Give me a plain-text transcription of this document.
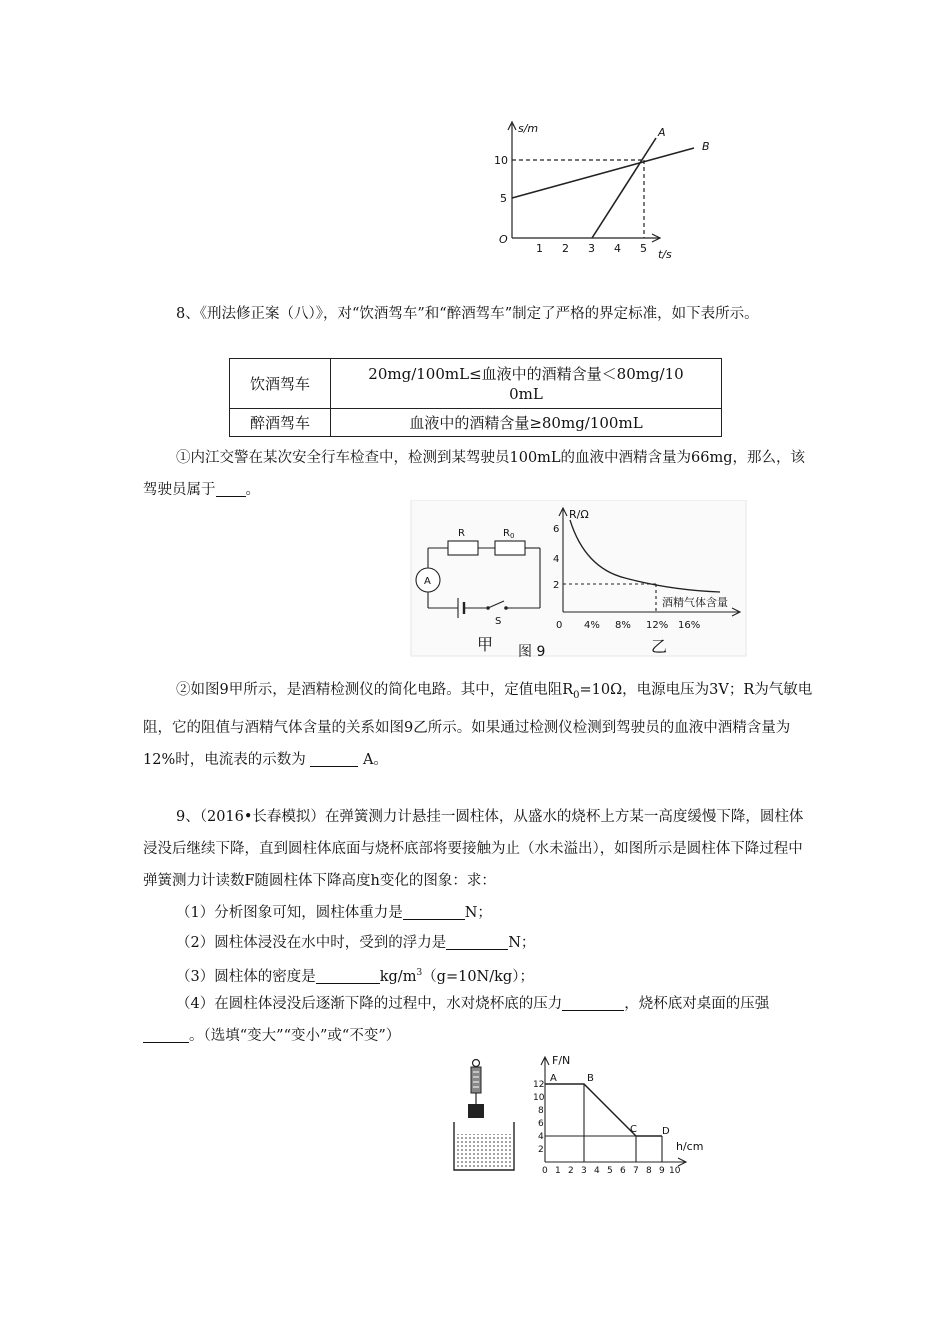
s/m
t/s
O
5
10
1 2 3 4 5
A
B

8、《刑法修正案（八）》，对“饮酒驾车”和“醉酒驾车”制定了严格的界定标准，如下表所示。

饮酒驾车	20mg/100mL≤血液中的酒精含量＜80mg/100mL
醉酒驾车	血液中的酒精含量≥80mg/100mL

①内江交警在某次安全行车检查中，检测到某驾驶员100mL的血液中酒精含量为66mg，那么，该驾驶员属于 。

R	$R_0$
A
S
甲 图 9	乙
R/Ω
2
4
6
0 4% 8% 12% 16%
酒精气体含量

②如图9甲所示，是酒精检测仪的简化电路。其中，定值电阻$R_0=10\Omega$，电源电压为3V；R为气敏电阻，它的阻值与酒精气体含量的关系如图9乙所示。如果通过检测仪检测到驾驶员的血液中酒精含量为12%时，电流表的示数为	A。

9、（2016•长春模拟）在弹簧测力计悬挂一圆柱体，从盛水的烧杯上方某一高度缓慢下降，圆柱体浸没后继续下降，直到圆柱体底面与烧杯底部将要接触为止（水未溢出），如图所示是圆柱体下降过程中弹簧测力计读数F随圆柱体下降高度h变化的图象：求：

（1）分析图象可知，圆柱体重力是	N；

（2）圆柱体浸没在水中时，受到的浮力是	N；

（3）圆柱体的密度是	$kg/m^3(g=10N/kg)$；

（4）在圆柱体浸没后逐渐下降的过程中，水对烧杯底的压力	，烧杯底对桌面的压强。（选填“变大”“变小”或“不变”）

F/N
h/cm
2
4
6
8
10
12
0 1 2 3 4 5 6 7 8 9 10
A	B
C	D
